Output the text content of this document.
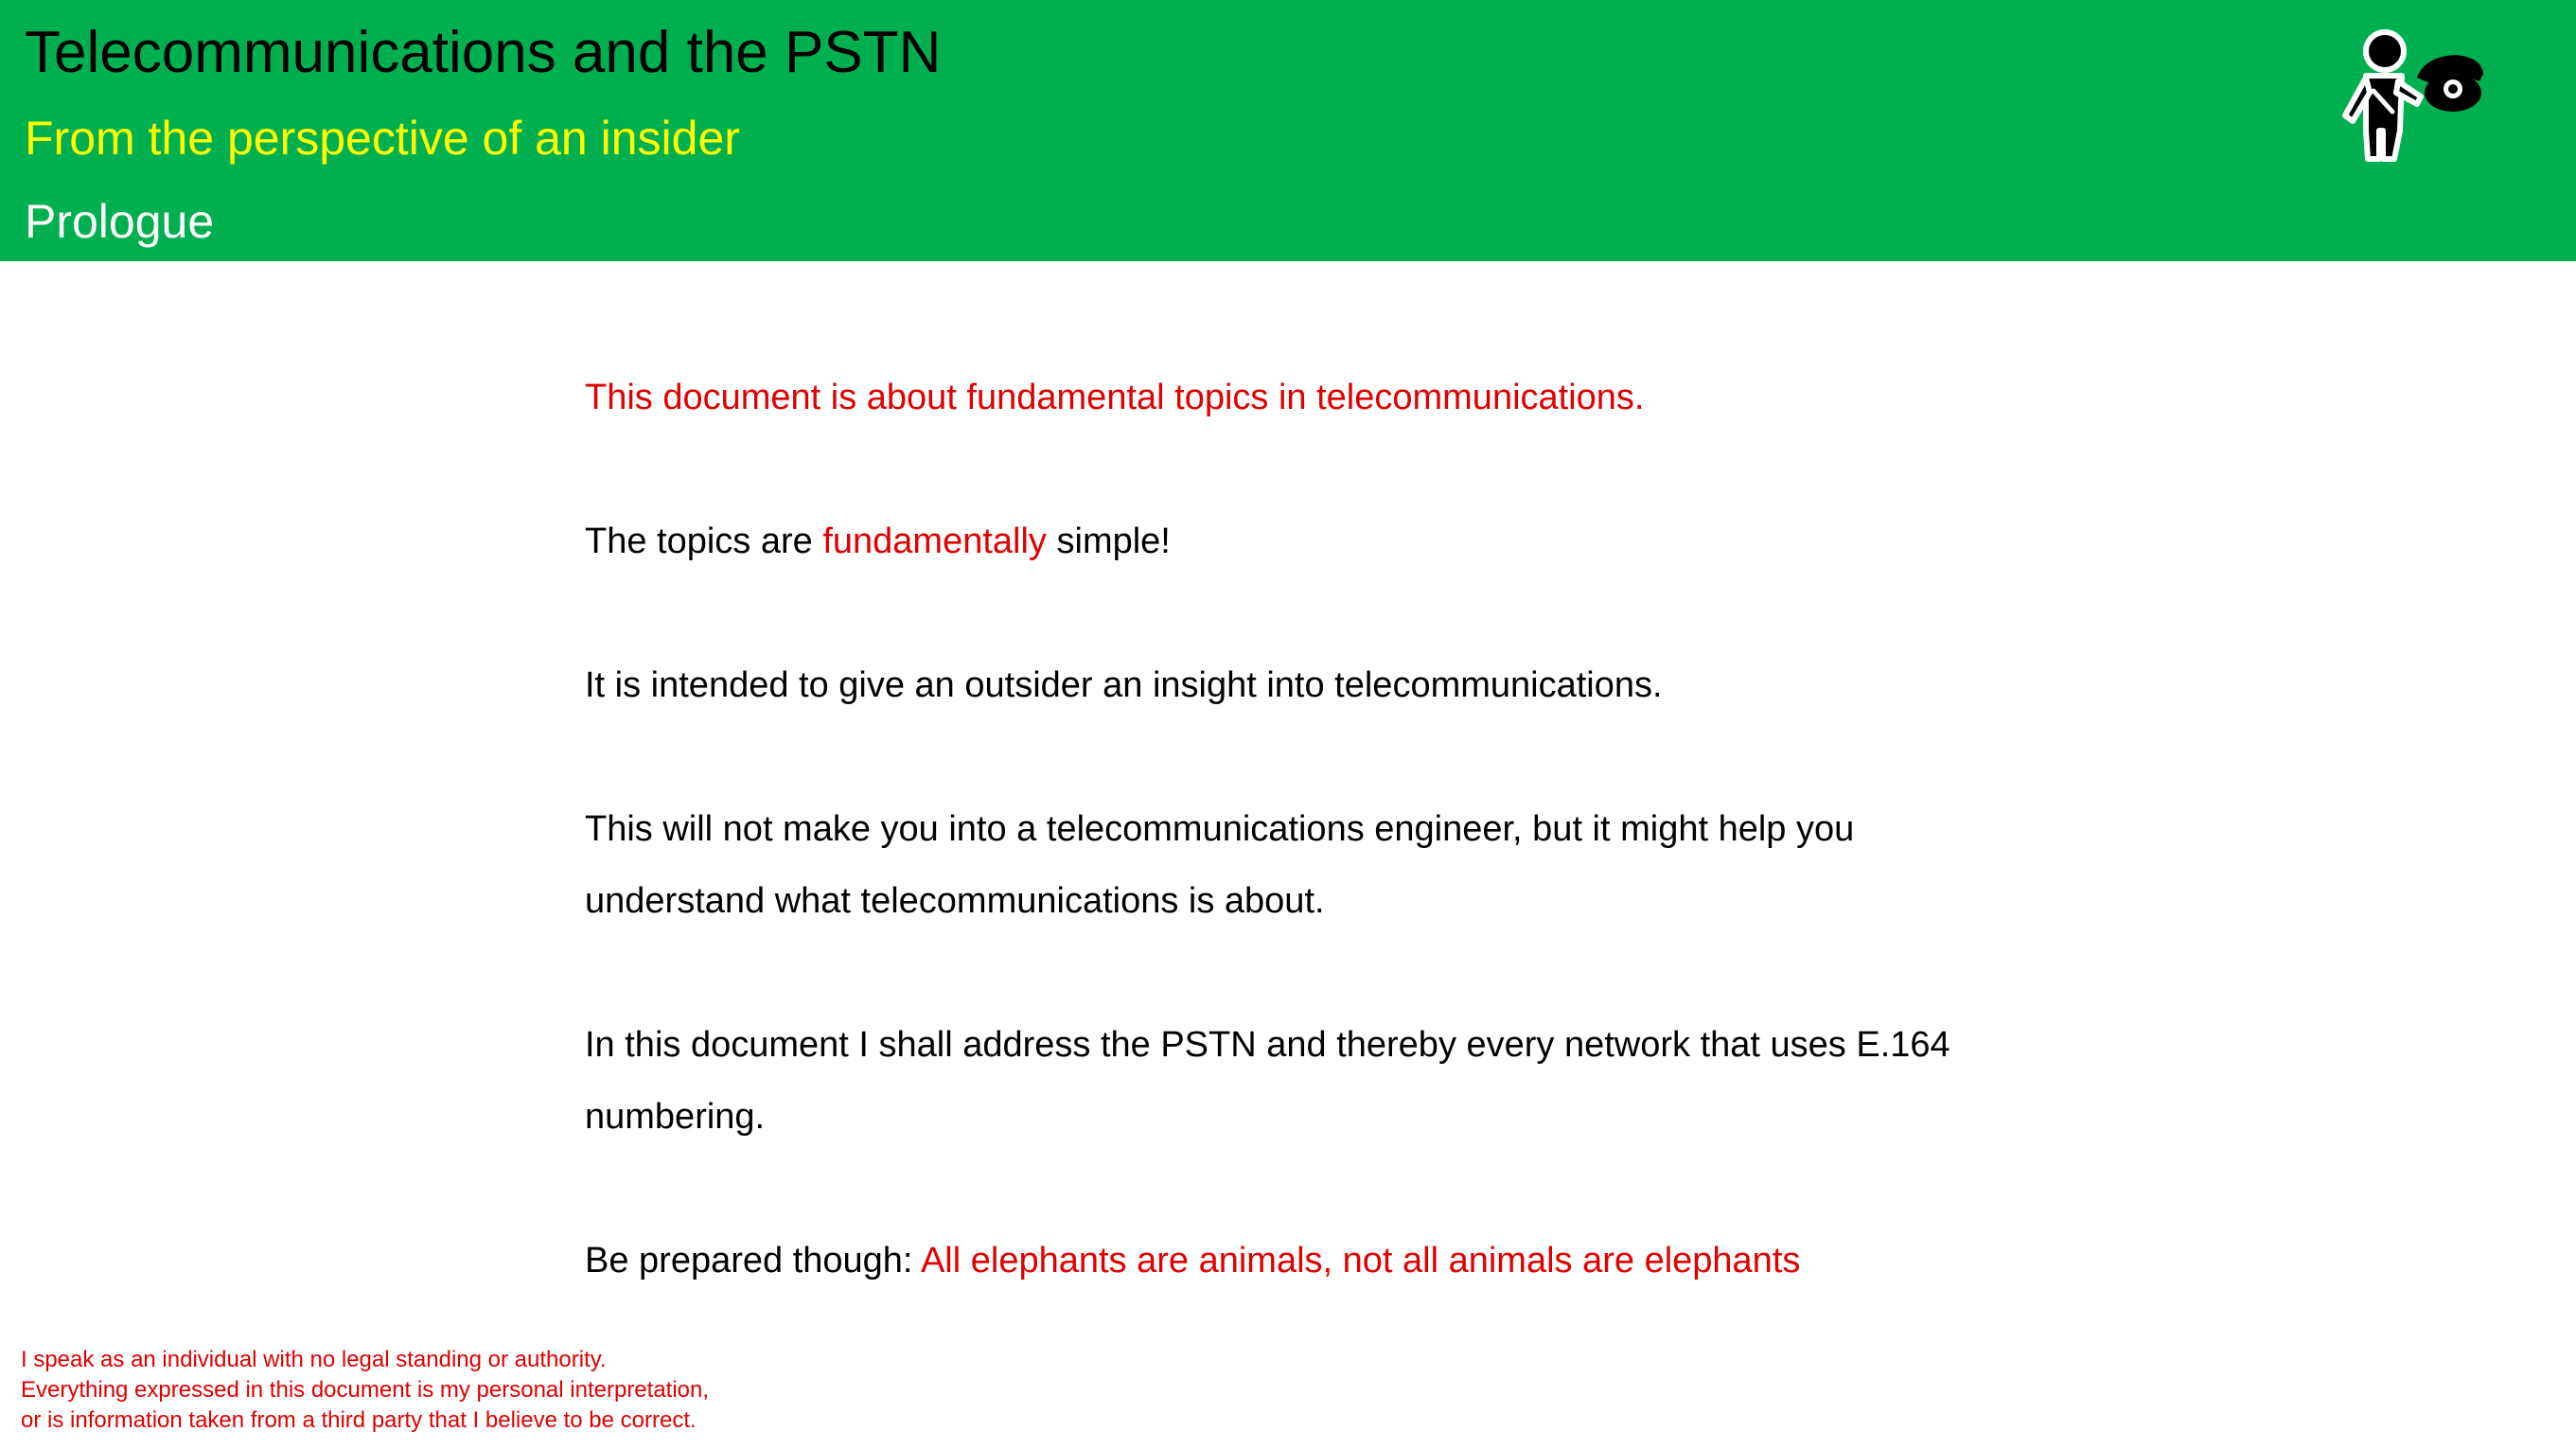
Telecommunications and the PSTN
From the perspective of an insider
Prologue
This document is about fundamental topics in telecommunications.
The topics are fundamentally simple!
It is intended to give an outsider an insight into telecommunications.
This will not make you into a telecommunications engineer, but it might help you
understand what telecommunications is about.
In this document I shall address the PSTN and thereby every network that uses E.164
numbering.
Be prepared though: All elephants are animals, not all animals are elephants
I speak as an individual with no legal standing or authority.
Everything expressed in this document is my personal interpretation,
or is information taken from a third party that I believe to be correct.
